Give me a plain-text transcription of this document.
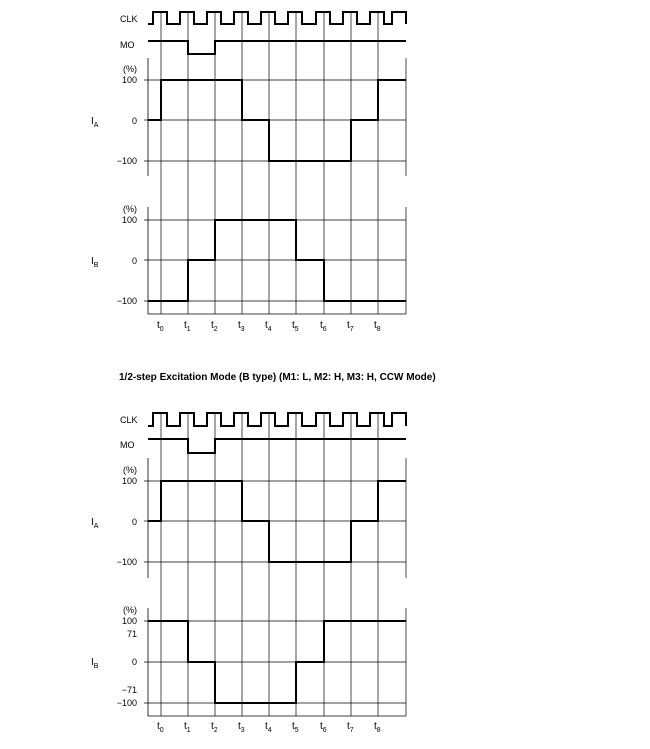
CLK
MO
(%)
100
0
−100
$I_A$
(%)
100
0
−100
$I_B$
$t_0$ $t_1$ $t_2$ $t_3$ $t_4$ $t_5$ $t_6$ $t_7$ $t_8$
1/2-step Excitation Mode (B type) (M1: L, M2: H, M3: H, CCW Mode)
CLK
MO
(%)
100
0
−100
$I_A$
(%)
100
71
0
−71
−100
$I_B$
$t_0$ $t_1$ $t_2$ $t_3$ $t_4$ $t_5$ $t_6$ $t_7$ $t_8$
